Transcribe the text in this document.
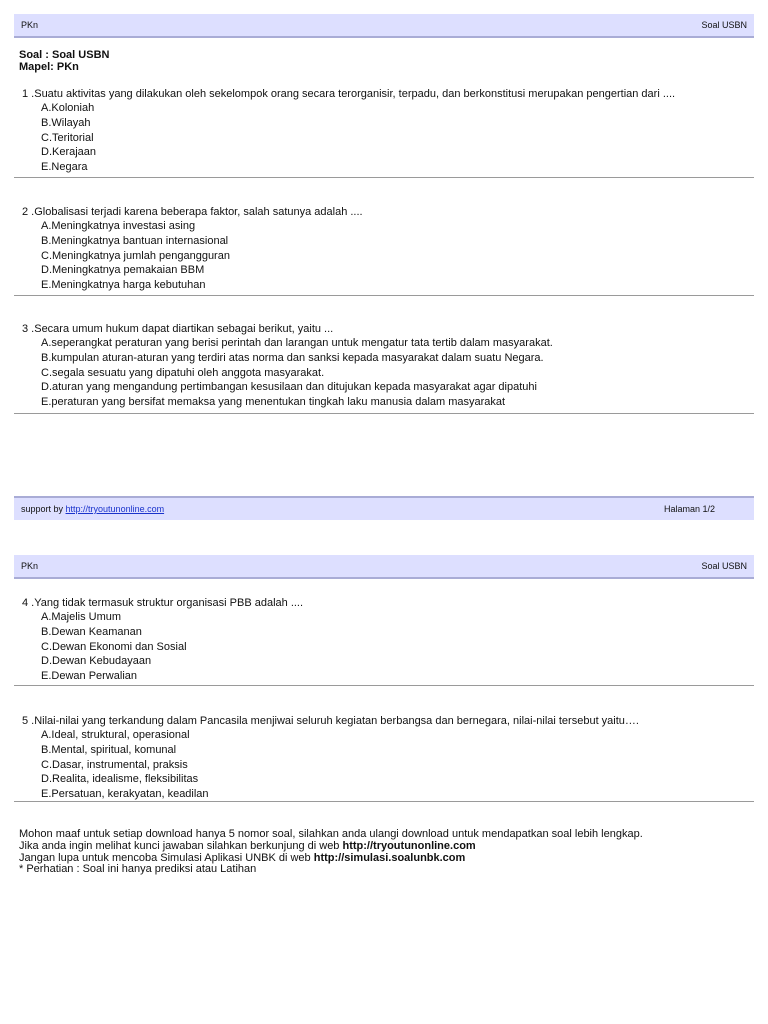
PKn	Soal USBN
Soal : Soal USBN
Mapel: PKn
1 .Suatu aktivitas yang dilakukan oleh sekelompok orang secara terorganisir, terpadu, dan berkonstitusi merupakan pengertian dari ....
A.Koloniah
B.Wilayah
C.Teritorial
D.Kerajaan
E.Negara
2 .Globalisasi terjadi karena beberapa faktor, salah satunya adalah ....
A.Meningkatnya investasi asing
B.Meningkatnya bantuan internasional
C.Meningkatnya jumlah pengangguran
D.Meningkatnya pemakaian BBM
E.Meningkatnya harga kebutuhan
3 .Secara umum hukum dapat diartikan sebagai berikut, yaitu ...
A.seperangkat peraturan yang berisi perintah dan larangan untuk mengatur tata tertib dalam masyarakat.
B.kumpulan aturan-aturan yang terdiri atas norma dan sanksi kepada masyarakat dalam suatu Negara.
C.segala sesuatu yang dipatuhi oleh anggota masyarakat.
D.aturan yang mengandung pertimbangan kesusilaan dan ditujukan kepada masyarakat agar dipatuhi
E.peraturan yang bersifat memaksa yang menentukan tingkah laku manusia dalam masyarakat
support by http://tryoutunonline.com	Halaman 1/2
PKn	Soal USBN
4 .Yang tidak termasuk struktur organisasi PBB adalah ....
A.Majelis Umum
B.Dewan Keamanan
C.Dewan Ekonomi dan Sosial
D.Dewan Kebudayaan
E.Dewan Perwalian
5 .Nilai-nilai yang terkandung dalam Pancasila menjiwai seluruh kegiatan berbangsa dan bernegara, nilai-nilai tersebut yaitu….
A.Ideal, struktural, operasional
B.Mental, spiritual, komunal
C.Dasar, instrumental, praksis
D.Realita, idealisme, fleksibilitas
E.Persatuan, kerakyatan, keadilan
Mohon maaf untuk setiap download hanya 5 nomor soal, silahkan anda ulangi download untuk mendapatkan soal lebih lengkap.
Jika anda ingin melihat kunci jawaban silahkan berkunjung di web http://tryoutunonline.com
Jangan lupa untuk mencoba Simulasi Aplikasi UNBK di web http://simulasi.soalunbk.com
* Perhatian : Soal ini hanya prediksi atau Latihan
